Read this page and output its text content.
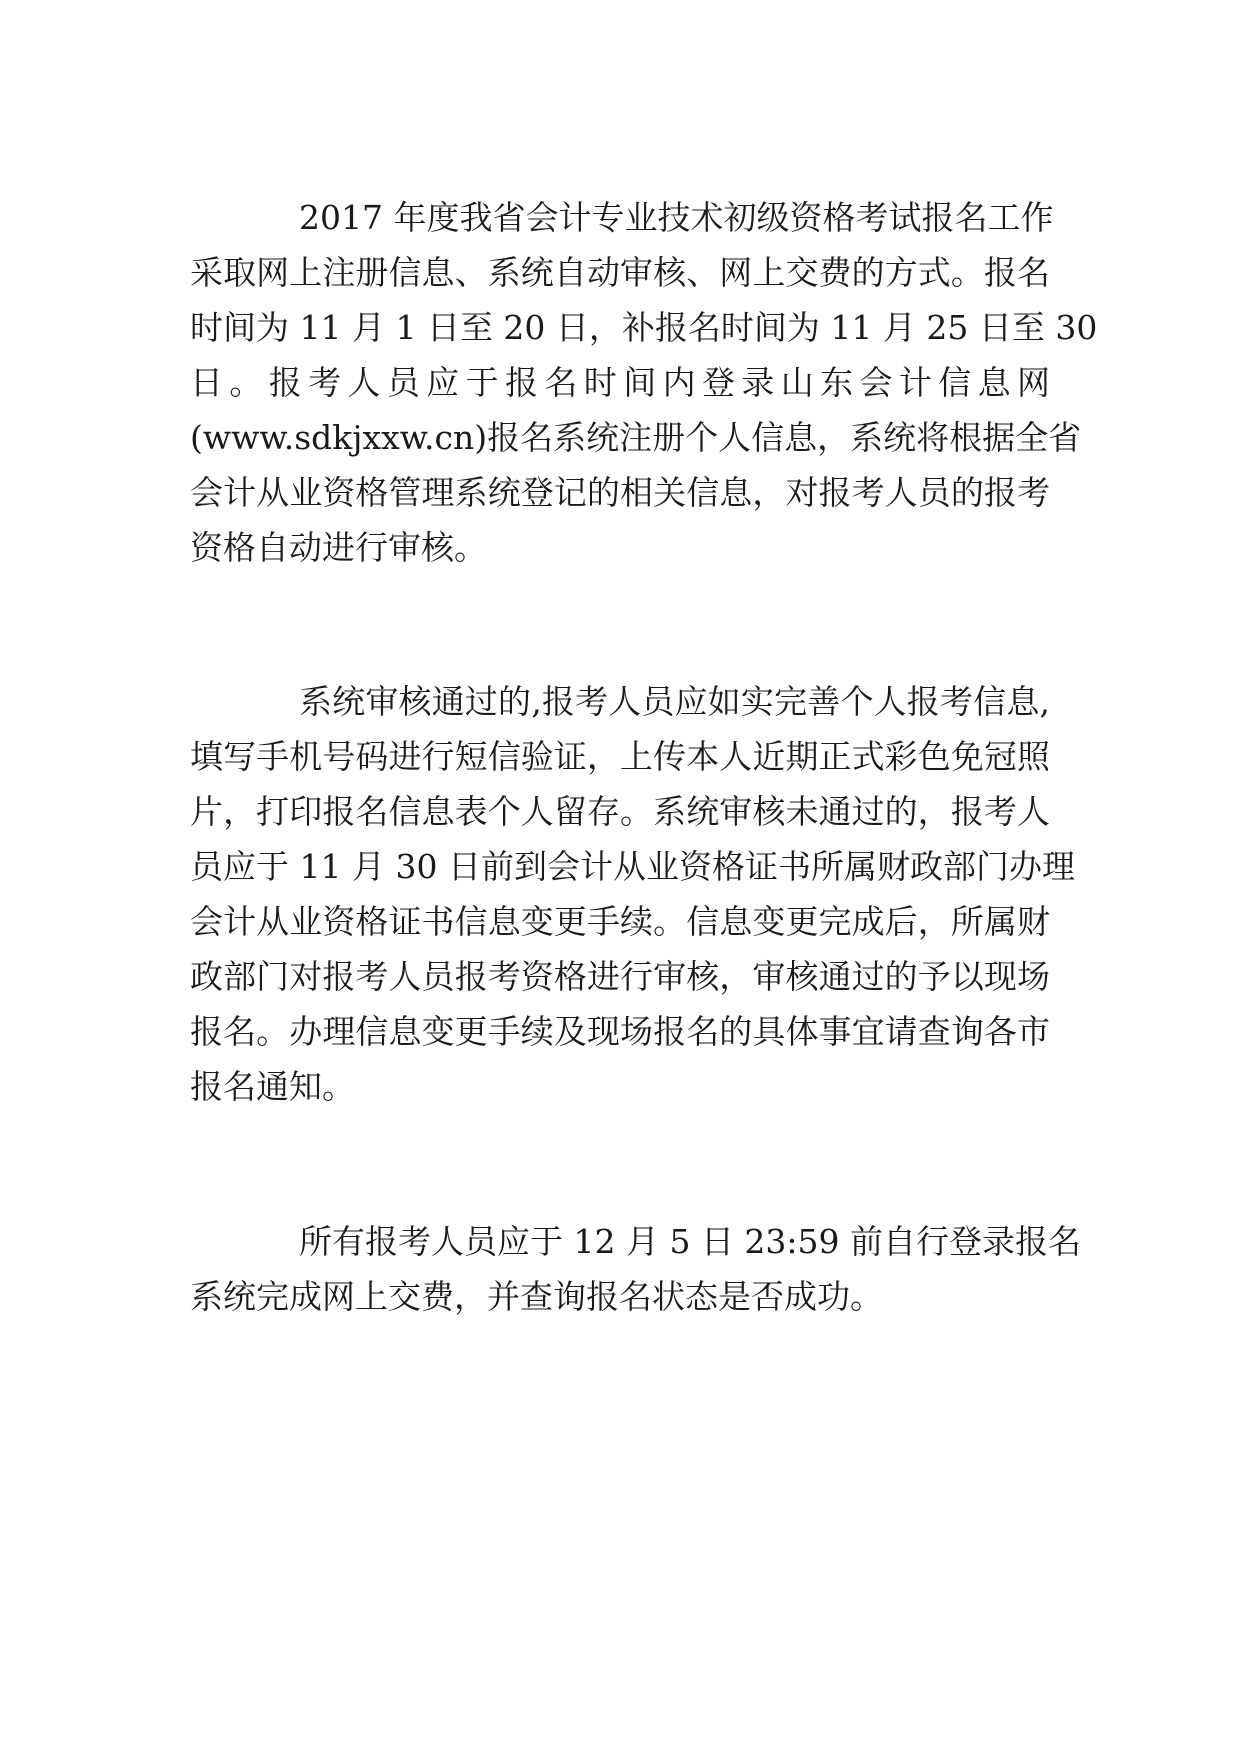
2017 年度我省会计专业技术初级资格考试报名工作

采取网上注册信息、系统自动审核、网上交费的方式。报名

时间为 11 月 1 日至 20 日，补报名时间为 11 月 25 日至 30

日。报考人员应于报名时间内登录山东会计信息网

(www.sdkjxxw.cn)报名系统注册个人信息，系统将根据全省

会计从业资格管理系统登记的相关信息，对报考人员的报考

资格自动进行审核。

系统审核通过的,报考人员应如实完善个人报考信息,

填写手机号码进行短信验证，上传本人近期正式彩色免冠照

片，打印报名信息表个人留存。系统审核未通过的，报考人

员应于 11 月 30 日前到会计从业资格证书所属财政部门办理

会计从业资格证书信息变更手续。信息变更完成后，所属财

政部门对报考人员报考资格进行审核，审核通过的予以现场

报名。办理信息变更手续及现场报名的具体事宜请查询各市

报名通知。

所有报考人员应于 12 月 5 日 23:59 前自行登录报名

系统完成网上交费，并查询报名状态是否成功。
